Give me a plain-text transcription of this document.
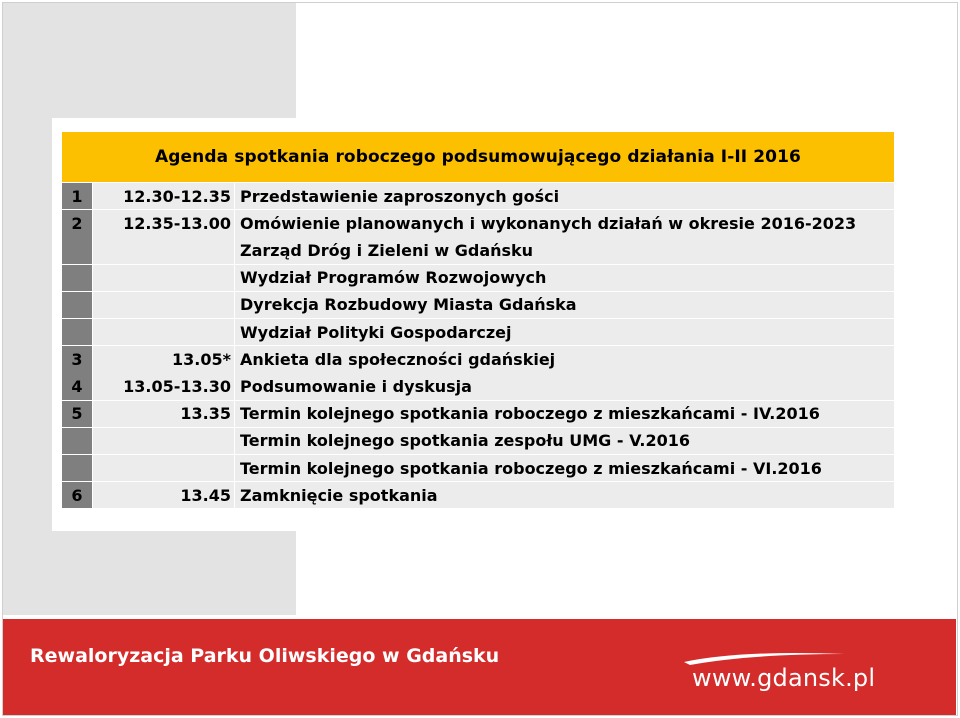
Agenda spotkania roboczego podsumowującego działania I-II 2016
1	12.30-12.35 Przedstawienie zaproszonych gości
2	12.35-13.00 Omówienie planowanych i wykonanych działań w okresie 2016-2023
Zarząd Dróg i Zieleni w Gdańsku
Wydział Programów Rozwojowych
Dyrekcja Rozbudowy Miasta Gdańska
Wydział Polityki Gospodarczej
3	13.05* Ankieta dla społeczności gdańskiej
4	13.05-13.30 Podsumowanie i dyskusja
5	13.35 Termin kolejnego spotkania roboczego z mieszkańcami - IV.2016
Termin kolejnego spotkania zespołu UMG - V.2016
Termin kolejnego spotkania roboczego z mieszkańcami - VI.2016
6	13.45 Zamknięcie spotkania
Rewaloryzacja Parku Oliwskiego w Gdańsku
www.gdansk.pl
